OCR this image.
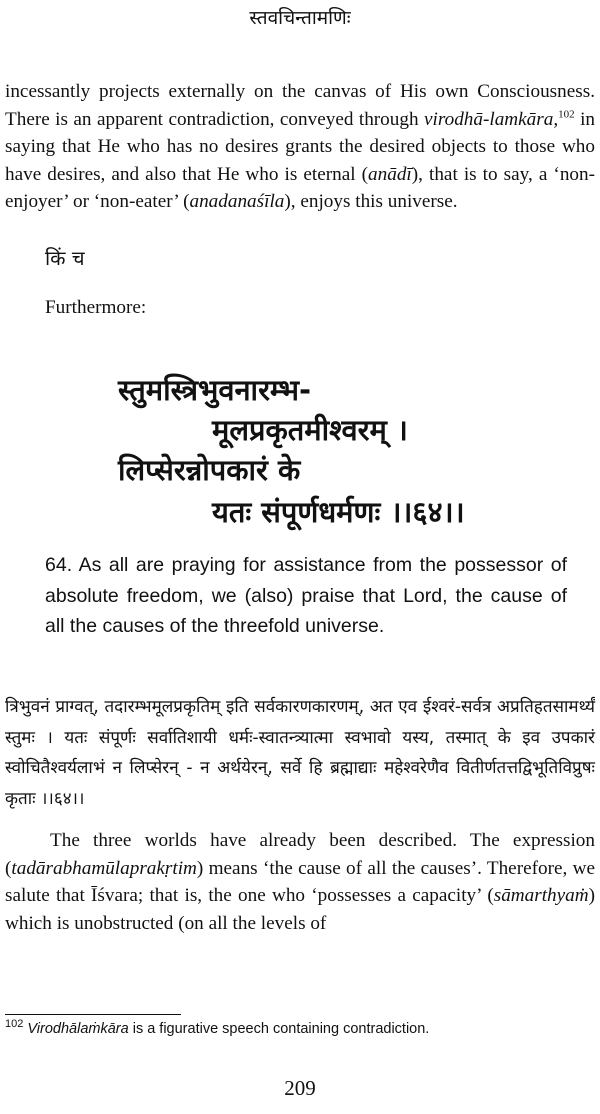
स्तवचिन्तामणिः
incessantly projects externally on the canvas of His own Consciousness. There is an apparent contradiction, conveyed through virodhā-lamkāra,$^{102}$ in saying that He who has no desires grants the desired objects to those who have desires, and also that He who is eternal (anādī), that is to say, a ‘non-enjoyer’ or ‘non-eater’ (anadanaśīla), enjoys this universe.
किं च
Furthermore:
स्तुमस्त्रिभुवनारम्भ-
मूलप्रकृतमीश्वरम् ।
लिप्सेरन्नोपकारं के
यतः संपूर्णधर्मणः ।।६४।।
64. As all are praying for assistance from the possessor of absolute freedom, we (also) praise that Lord, the cause of all the causes of the threefold universe.
त्रिभुवनं प्राग्वत्, तदारम्भमूलप्रकृतिम् इति सर्वकारणकारणम्, अत एव ईश्वरं-सर्वत्र अप्रतिहतसामर्थ्यं स्तुमः । यतः संपूर्णः सर्वातिशायी धर्मः-स्वातन्त्र्यात्मा स्वभावो यस्य, तस्मात् के इव उपकारं स्वोचितैश्वर्यलाभं न लिप्सेरन् - न अर्थयेरन्, सर्वे हि ब्रह्माद्याः महेश्वरेणैव वितीर्णतत्तद्विभूतिविप्रुषः कृताः ।।६४।।
The three worlds have already been described. The expression (tadārabhamūlaprakṛtim) means ‘the cause of all the causes’. Therefore, we salute that Īśvara; that is, the one who ‘possesses a capacity’ (sāmarthyaṁ) which is unobstructed (on all the levels of
$^{102}$ Virodhālaṁkāra is a figurative speech containing contradiction.
209
